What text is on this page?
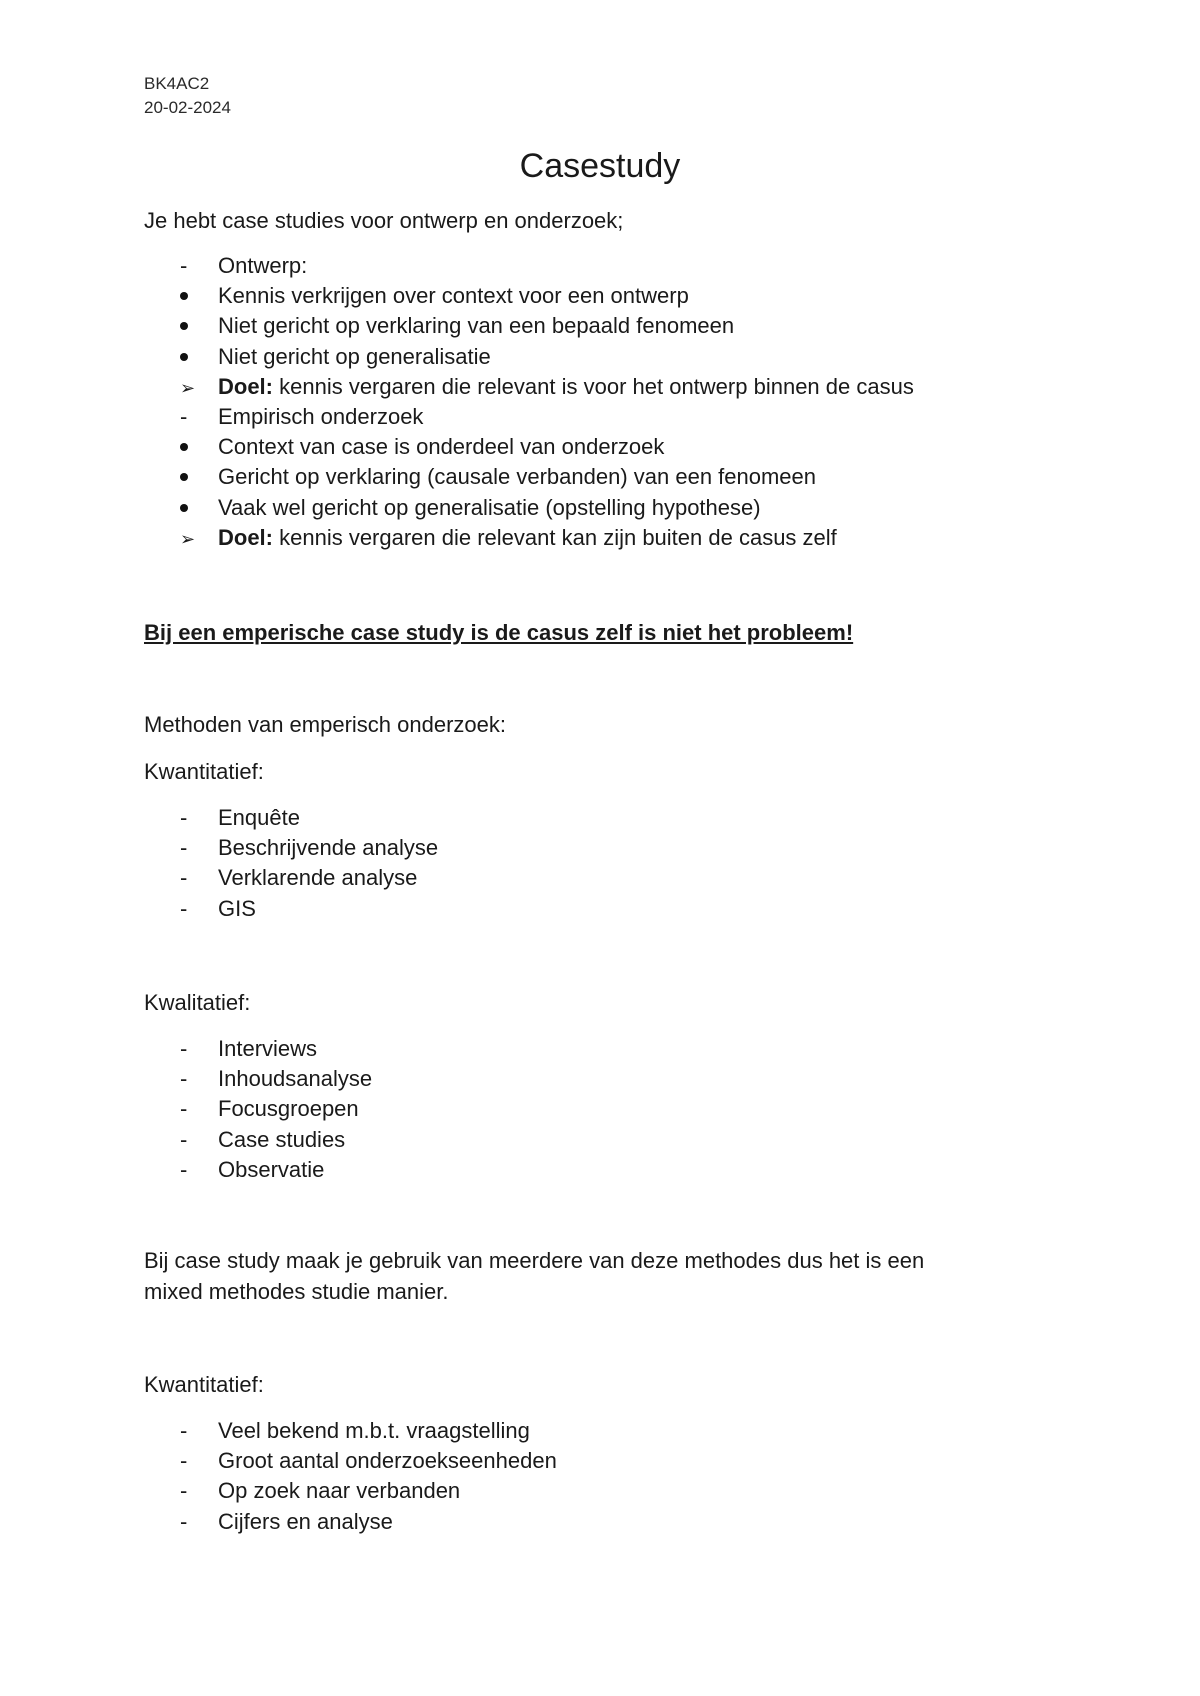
BK4AC2
20-02-2024
Casestudy
Je hebt case studies voor ontwerp en onderzoek;
-
Ontwerp:
Kennis verkrijgen over context voor een ontwerp
Niet gericht op verklaring van een bepaald fenomeen
Niet gericht op generalisatie
➢
Doel: kennis vergaren die relevant is voor het ontwerp binnen de casus
-
Empirisch onderzoek
Context van case is onderdeel van onderzoek
Gericht op verklaring (causale verbanden) van een fenomeen
Vaak wel gericht op generalisatie (opstelling hypothese)
➢
Doel: kennis vergaren die relevant kan zijn buiten de casus zelf
Bij een emperische case study is de casus zelf is niet het probleem!
Methoden van emperisch onderzoek:
Kwantitatief:
-
Enquête
-
Beschrijvende analyse
-
Verklarende analyse
-
GIS
Kwalitatief:
-
Interviews
-
Inhoudsanalyse
-
Focusgroepen
-
Case studies
-
Observatie
Bij case study maak je gebruik van meerdere van deze methodes dus het is een
mixed methodes studie manier.
Kwantitatief:
-
Veel bekend m.b.t. vraagstelling
-
Groot aantal onderzoekseenheden
-
Op zoek naar verbanden
-
Cijfers en analyse
